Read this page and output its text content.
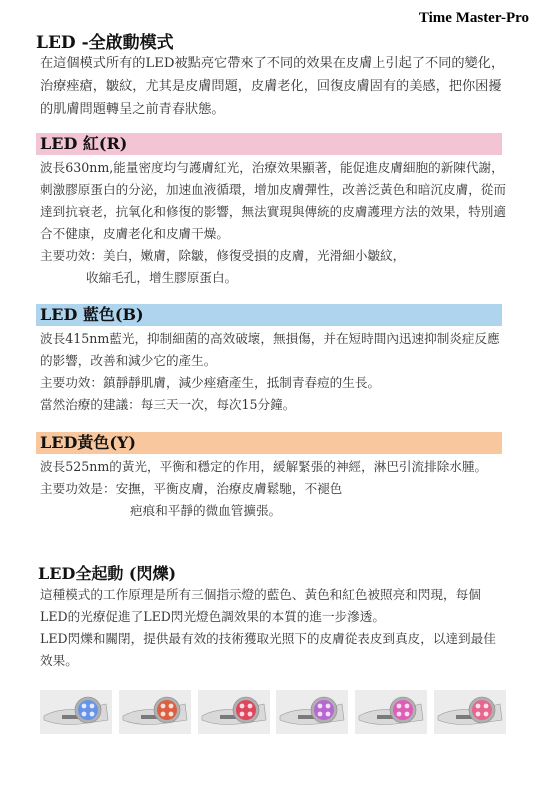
Time Master-Pro
LED -全啟動模式
在這個模式所有的LED被點亮它帶來了不同的效果在皮膚上引起了不同的變化，治療痤瘡，皺紋，尤其是皮膚問題，皮膚老化，回復皮膚固有的美感，把你困擾的肌膚問題轉呈之前青春狀態。
LED 紅(R)

波長630nm,能量密度均勻護膚紅光，治療效果顯著，能促進皮膚細胞的新陳代謝，刺激膠原蛋白的分泌，加速血液循環，增加皮膚彈性，改善泛黃色和暗沉皮膚，從而達到抗衰老，抗氧化和修復的影響，無法實現與傳統的皮膚護理方法的效果，特別適合不健康，皮膚老化和皮膚干燥。

主要功效：美白，嫩膚，除皺，修復受損的皮膚，光滑細小皺紋，

收縮毛孔，增生膠原蛋白。

LED 藍色(B)

波長415nm藍光，抑制細菌的高效破壞，無損傷，并在短時間內迅速抑制炎症反應的影響，改善和減少它的產生。

主要功效：鎮靜靜肌膚，減少痤瘡產生，抵制青春痘的生長。

當然治療的建議：每三天一次，每次15分鐘。

LED黃色(Y)

波長525nm的黃光，平衡和穩定的作用，緩解緊張的神經，淋巴引流排除水腫。

主要功效是：安撫，平衡皮膚，治療皮膚鬆馳，不褪色

疤痕和平靜的微血管擴張。

LED全起動 (閃爍)

這種模式的工作原理是所有三個指示燈的藍色、黃色和紅色被照亮和閃現，每個LED的光療促進了LED閃光燈色調效果的本質的進一步滲透。

LED閃爍和關閉，提供最有效的技術獲取光照下的皮膚從表皮到真皮，以達到最佳效果。
